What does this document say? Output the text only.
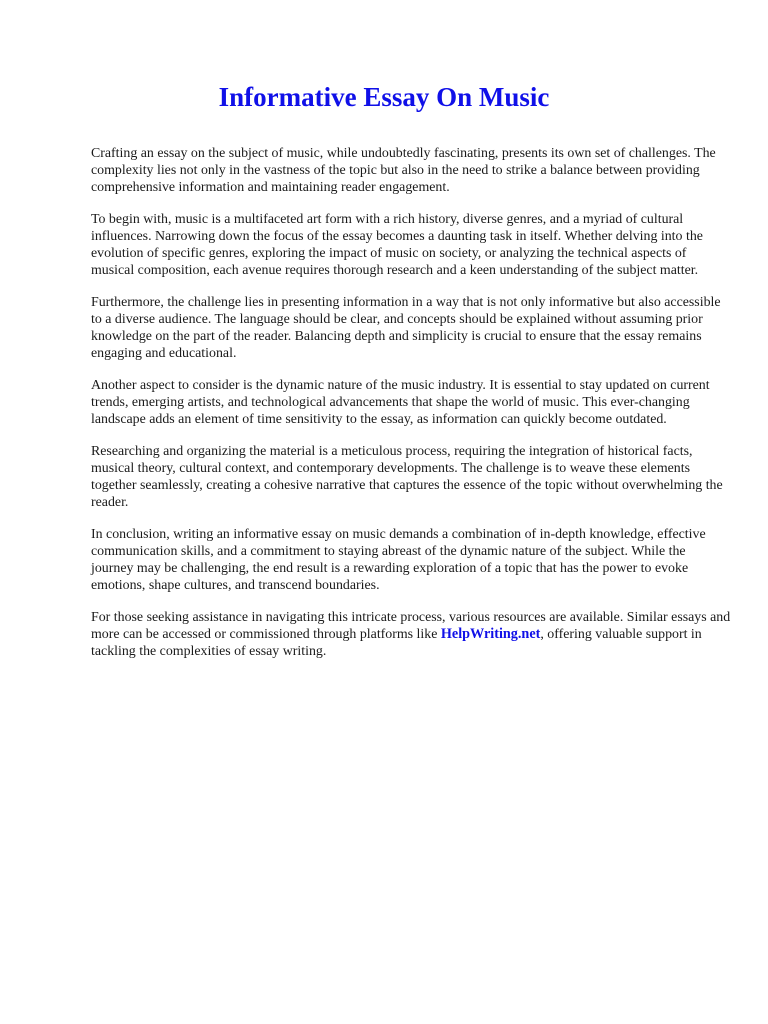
Informative Essay On Music

Crafting an essay on the subject of music, while undoubtedly fascinating, presents its own set of challenges. The complexity lies not only in the vastness of the topic but also in the need to strike a balance between providing comprehensive information and maintaining reader engagement.

To begin with, music is a multifaceted art form with a rich history, diverse genres, and a myriad of cultural influences. Narrowing down the focus of the essay becomes a daunting task in itself. Whether delving into the evolution of specific genres, exploring the impact of music on society, or analyzing the technical aspects of musical composition, each avenue requires thorough research and a keen understanding of the subject matter.

Furthermore, the challenge lies in presenting information in a way that is not only informative but also accessible to a diverse audience. The language should be clear, and concepts should be explained without assuming prior knowledge on the part of the reader. Balancing depth and simplicity is crucial to ensure that the essay remains engaging and educational.

Another aspect to consider is the dynamic nature of the music industry. It is essential to stay updated on current trends, emerging artists, and technological advancements that shape the world of music. This ever-changing landscape adds an element of time sensitivity to the essay, as information can quickly become outdated.

Researching and organizing the material is a meticulous process, requiring the integration of historical facts, musical theory, cultural context, and contemporary developments. The challenge is to weave these elements together seamlessly, creating a cohesive narrative that captures the essence of the topic without overwhelming the reader.

In conclusion, writing an informative essay on music demands a combination of in-depth knowledge, effective communication skills, and a commitment to staying abreast of the dynamic nature of the subject. While the journey may be challenging, the end result is a rewarding exploration of a topic that has the power to evoke emotions, shape cultures, and transcend boundaries.

For those seeking assistance in navigating this intricate process, various resources are available. Similar essays and more can be accessed or commissioned through platforms like HelpWriting.net, offering valuable support in tackling the complexities of essay writing.
